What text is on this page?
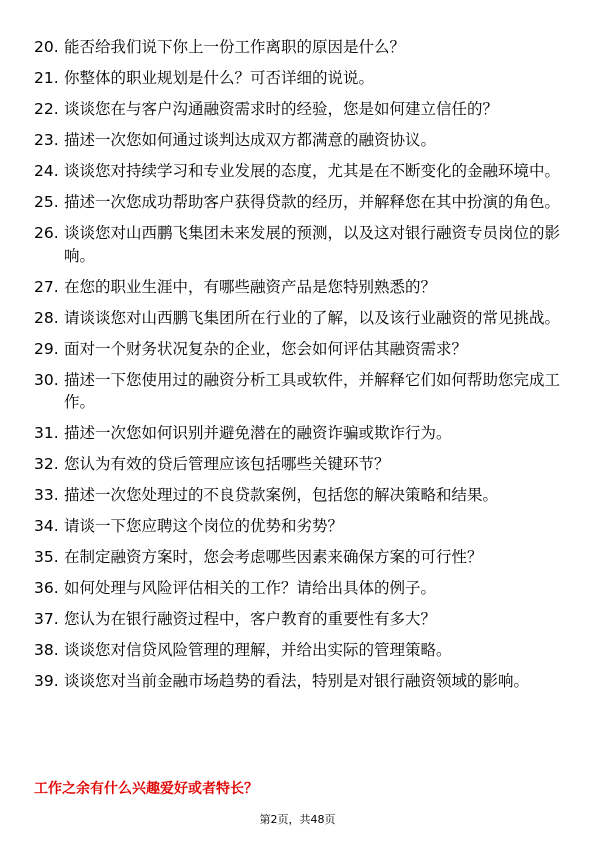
20. 能否给我们说下你上一份工作离职的原因是什么？
21. 你整体的职业规划是什么？可否详细的说说。
22. 谈谈您在与客户沟通融资需求时的经验，您是如何建立信任的？
23. 描述一次您如何通过谈判达成双方都满意的融资协议。
24. 谈谈您对持续学习和专业发展的态度，尤其是在不断变化的金融环境中。
25. 描述一次您成功帮助客户获得贷款的经历，并解释您在其中扮演的角色。
26. 谈谈您对山西鹏飞集团未来发展的预测，以及这对银行融资专员岗位的影响。
27. 在您的职业生涯中，有哪些融资产品是您特别熟悉的？
28. 请谈谈您对山西鹏飞集团所在行业的了解，以及该行业融资的常见挑战。
29. 面对一个财务状况复杂的企业，您会如何评估其融资需求？
30. 描述一下您使用过的融资分析工具或软件，并解释它们如何帮助您完成工作。
31. 描述一次您如何识别并避免潜在的融资诈骗或欺诈行为。
32. 您认为有效的贷后管理应该包括哪些关键环节？
33. 描述一次您处理过的不良贷款案例，包括您的解决策略和结果。
34. 请谈一下您应聘这个岗位的优势和劣势？
35. 在制定融资方案时，您会考虑哪些因素来确保方案的可行性？
36. 如何处理与风险评估相关的工作？请给出具体的例子。
37. 您认为在银行融资过程中，客户教育的重要性有多大？
38. 谈谈您对信贷风险管理的理解，并给出实际的管理策略。
39. 谈谈您对当前金融市场趋势的看法，特别是对银行融资领域的影响。
工作之余有什么兴趣爱好或者特长？
第2页，共48页
